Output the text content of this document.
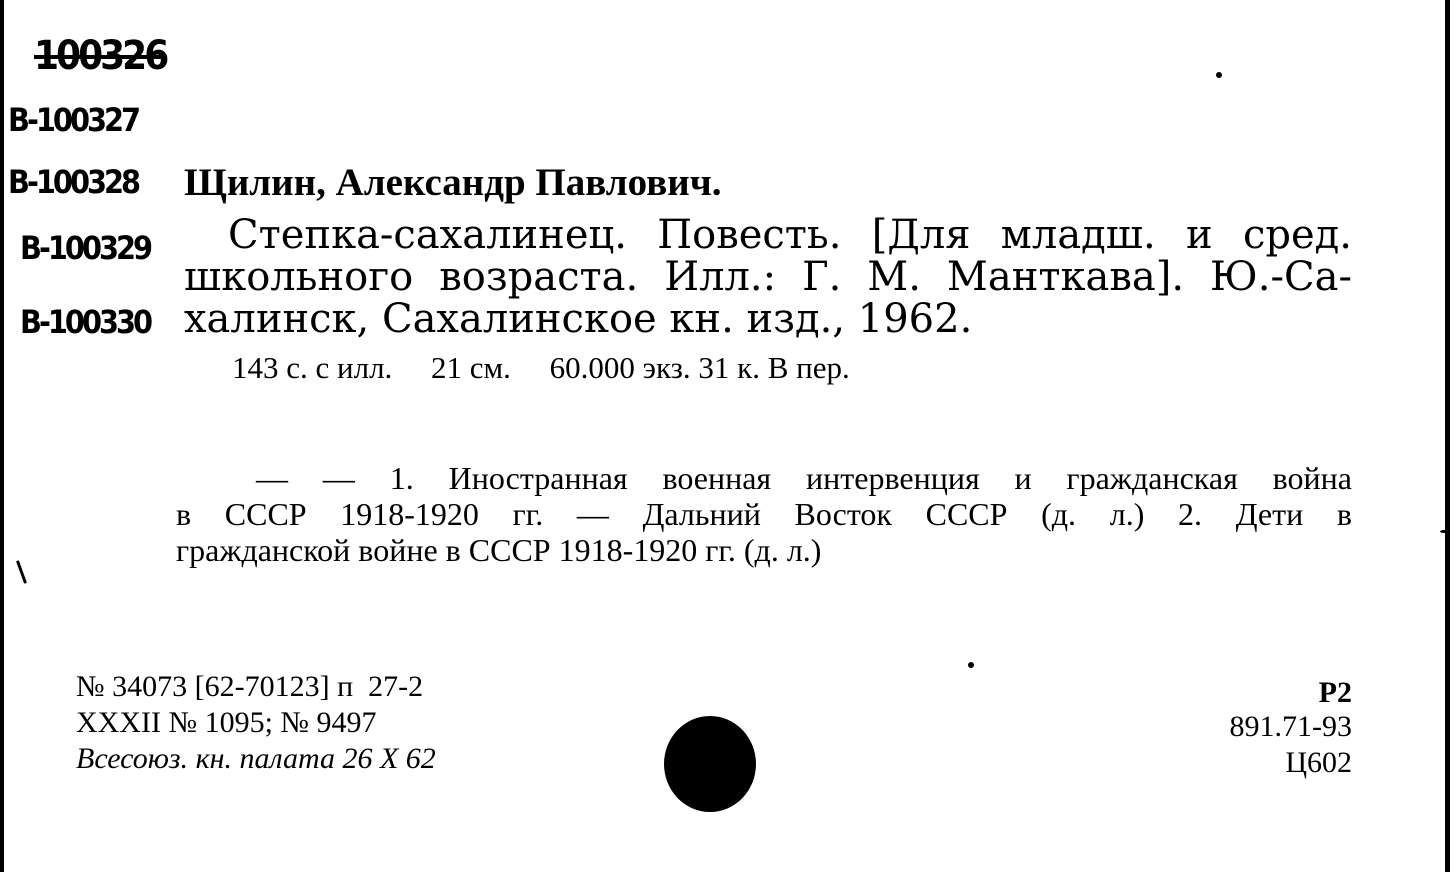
100326
B-100327
B-100328
B-100329
B-100330
Щилин, Александр Павлович.
Степка-сахалинец. Повесть. [Для младш. и сред.
школьного возраста. Илл.: Г. М. Манткава]. Ю.-Са-
халинск, Сахалинское кн. изд., 1962.
143 с. с илл.     21 см.     60.000 экз. 31 к. В пер.
— — 1. Иностранная военная интервенция и гражданская война
в СССР 1918-1920 гг. — Дальний Восток СССР (д. л.) 2. Дети в
гражданской войне в СССР 1918-1920 гг. (д. л.)
№ 34073 [62-70123] п  27-2
XXXII № 1095; № 9497
Всесоюз. кн. палата 26 X 62
Р2
891.71-93
Ц602
